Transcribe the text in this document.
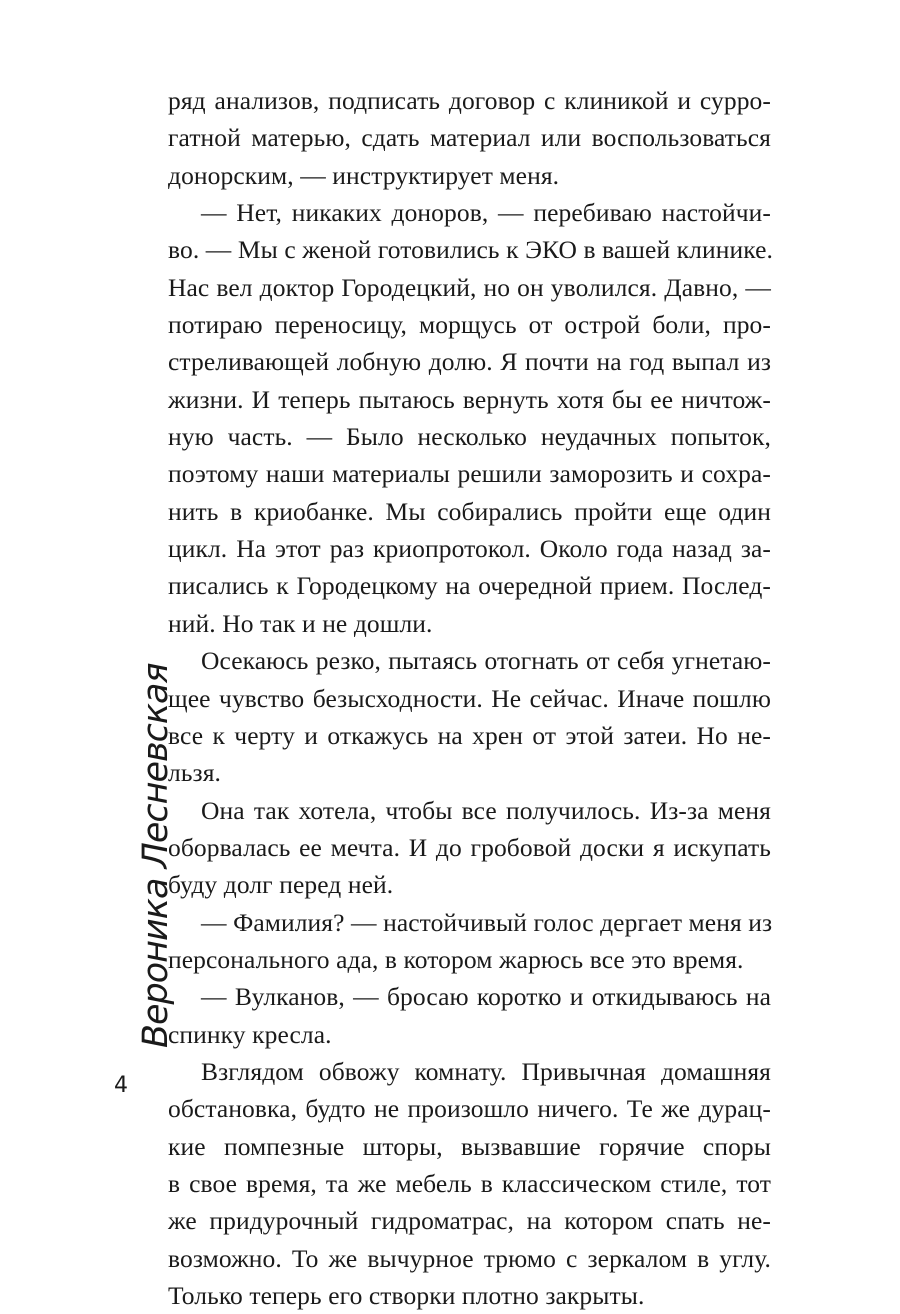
Вероника Лесневская
4
ряд анализов, подписать договор с клиникой и сурро-
гатной матерью, сдать материал или воспользоваться
донорским, — инструктирует меня.
— Нет, никаких доноров, — перебиваю настойчи-
во. — Мы с женой готовились к ЭКО в вашей клинике.
Нас вел доктор Городецкий, но он уволился. Давно, —
потираю переносицу, морщусь от острой боли, про-
стреливающей лобную долю. Я почти на год выпал из
жизни. И теперь пытаюсь вернуть хотя бы ее ничтож-
ную часть. — Было несколько неудачных попыток,
поэтому наши материалы решили заморозить и сохра-
нить в криобанке. Мы собирались пройти еще один
цикл. На этот раз криопротокол. Около года назад за-
писались к Городецкому на очередной прием. Послед-
ний. Но так и не дошли.
Осекаюсь резко, пытаясь отогнать от себя угнетаю-
щее чувство безысходности. Не сейчас. Иначе пошлю
все к черту и откажусь на хрен от этой затеи. Но не-
льзя.
Она так хотела, чтобы все получилось. Из-за меня
оборвалась ее мечта. И до гробовой доски я искупать
буду долг перед ней.
— Фамилия? — настойчивый голос дергает меня из
персонального ада, в котором жарюсь все это время.
— Вулканов, — бросаю коротко и откидываюсь на
спинку кресла.
Взглядом обвожу комнату. Привычная домашняя
обстановка, будто не произошло ничего. Те же дурац-
кие помпезные шторы, вызвавшие горячие споры
в свое время, та же мебель в классическом стиле, тот
же придурочный гидроматрас, на котором спать не-
возможно. То же вычурное трюмо с зеркалом в углу.
Только теперь его створки плотно закрыты.
